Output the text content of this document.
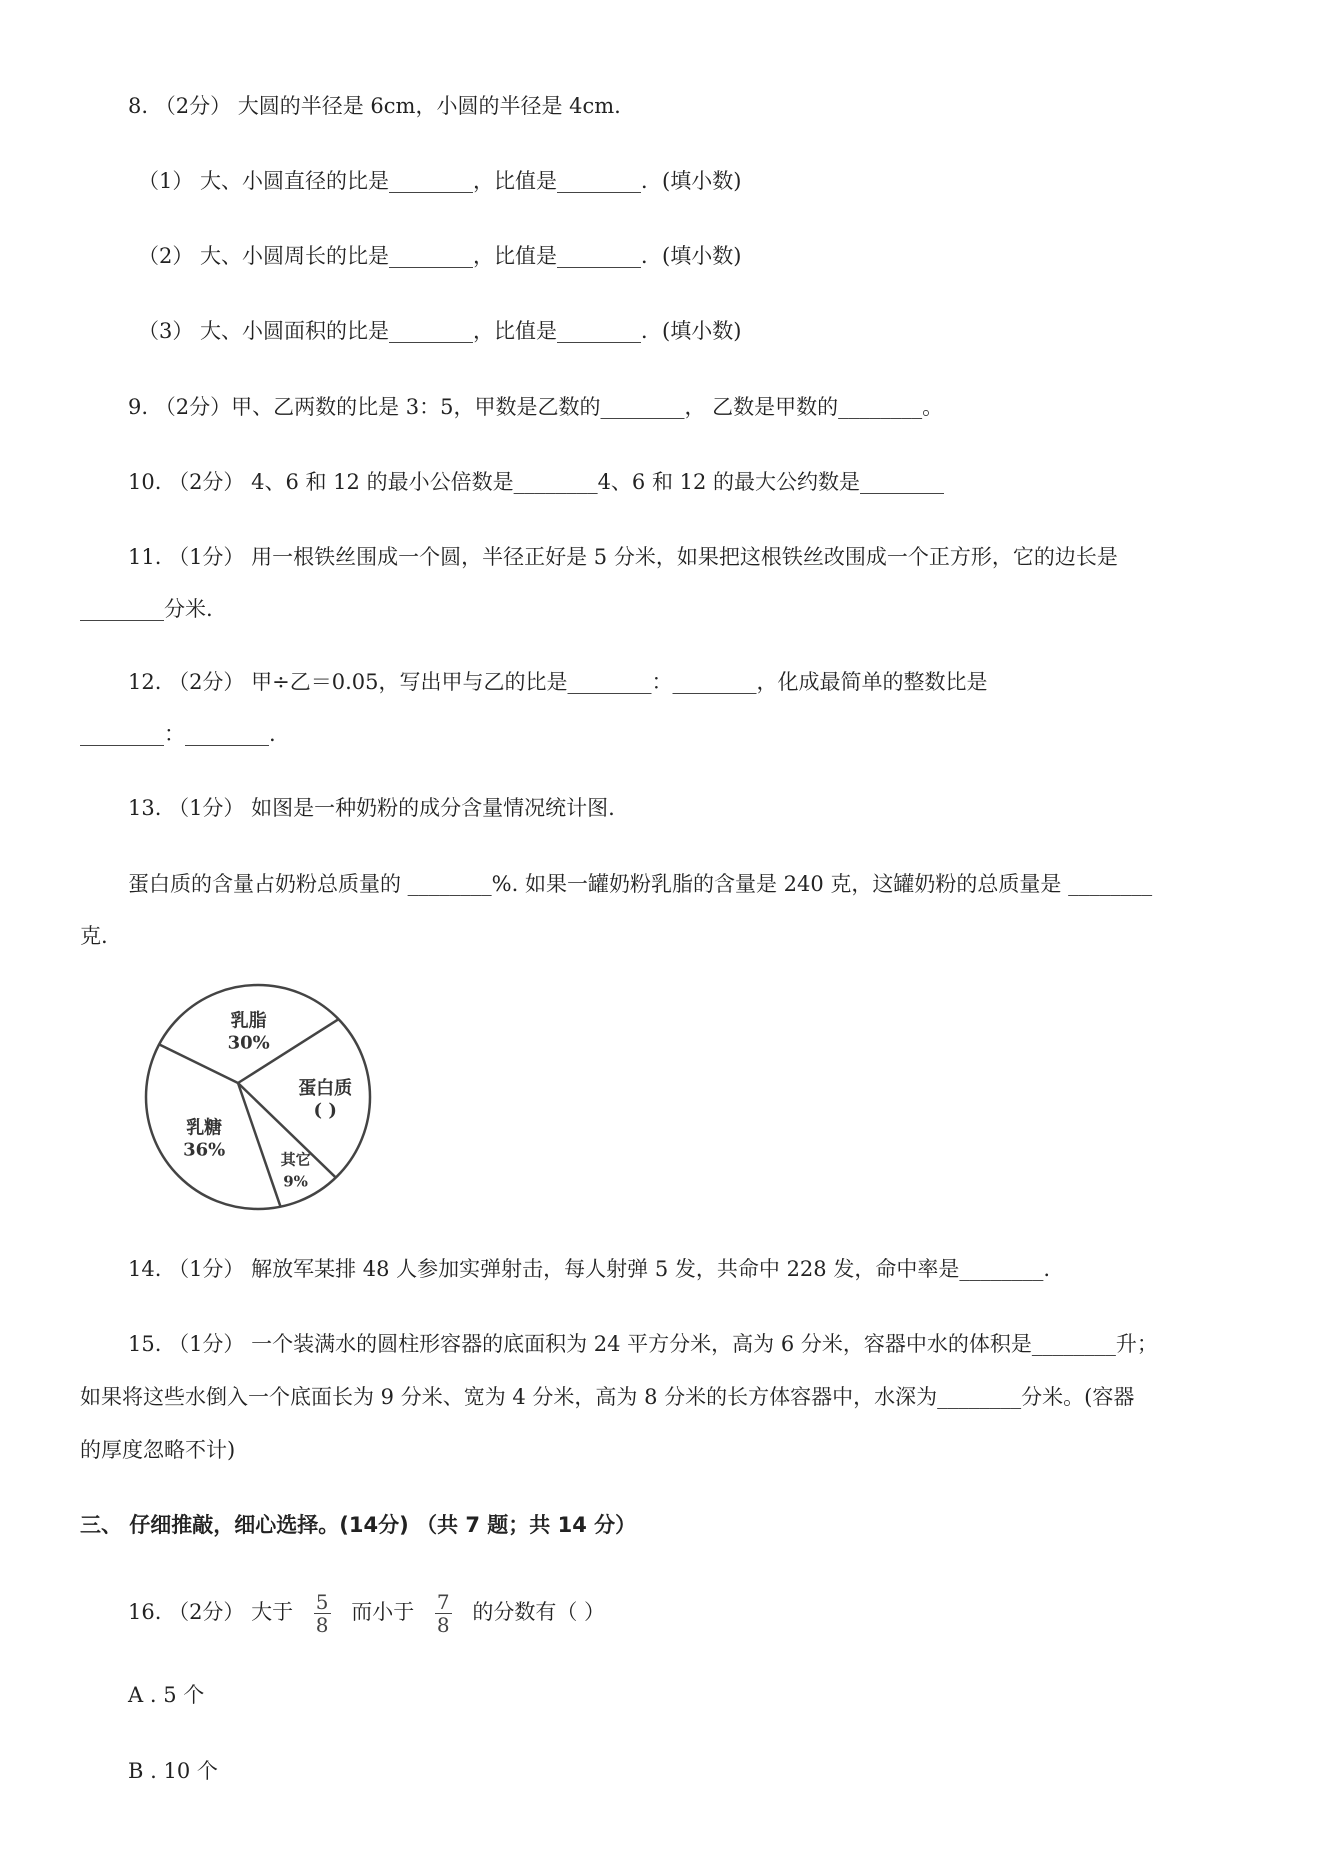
8. （2分） 大圆的半径是 6cm，小圆的半径是 4cm.
（1） 大、小圆直径的比是________，比值是________．(填小数)
（2） 大、小圆周长的比是________，比值是________．(填小数)
（3） 大、小圆面积的比是________，比值是________．(填小数)
9. （2分）甲、乙两数的比是 3：5，甲数是乙数的________， 乙数是甲数的________。
10. （2分） 4、6 和 12 的最小公倍数是________4、6 和 12 的最大公约数是________
11. （1分） 用一根铁丝围成一个圆，半径正好是 5 分米，如果把这根铁丝改围成一个正方形，它的边长是
________分米.
12. （2分） 甲÷乙＝0.05，写出甲与乙的比是________：________，化成最简单的整数比是
________：________.
13. （1分） 如图是一种奶粉的成分含量情况统计图.
蛋白质的含量占奶粉总质量的 ________%. 如果一罐奶粉乳脂的含量是 240 克，这罐奶粉的总质量是 ________
克.
乳脂
30%
蛋白质
( )
其它
9%
乳糖
36%
14. （1分） 解放军某排 48 人参加实弹射击，每人射弹 5 发，共命中 228 发，命中率是________.
15. （1分） 一个装满水的圆柱形容器的底面积为 24 平方分米，高为 6 分米，容器中水的体积是________升；
如果将这些水倒入一个底面长为 9 分米、宽为 4 分米，高为 8 分米的长方体容器中，水深为________分米。(容器
的厚度忽略不计)
三、 仔细推敲，细心选择。(14分) （共 7 题；共 14 分）
16. （2分） 大于 $\frac{5}{8}$ 而小于 $\frac{7}{8}$ 的分数有（ ）
A . 5 个
B . 10 个
